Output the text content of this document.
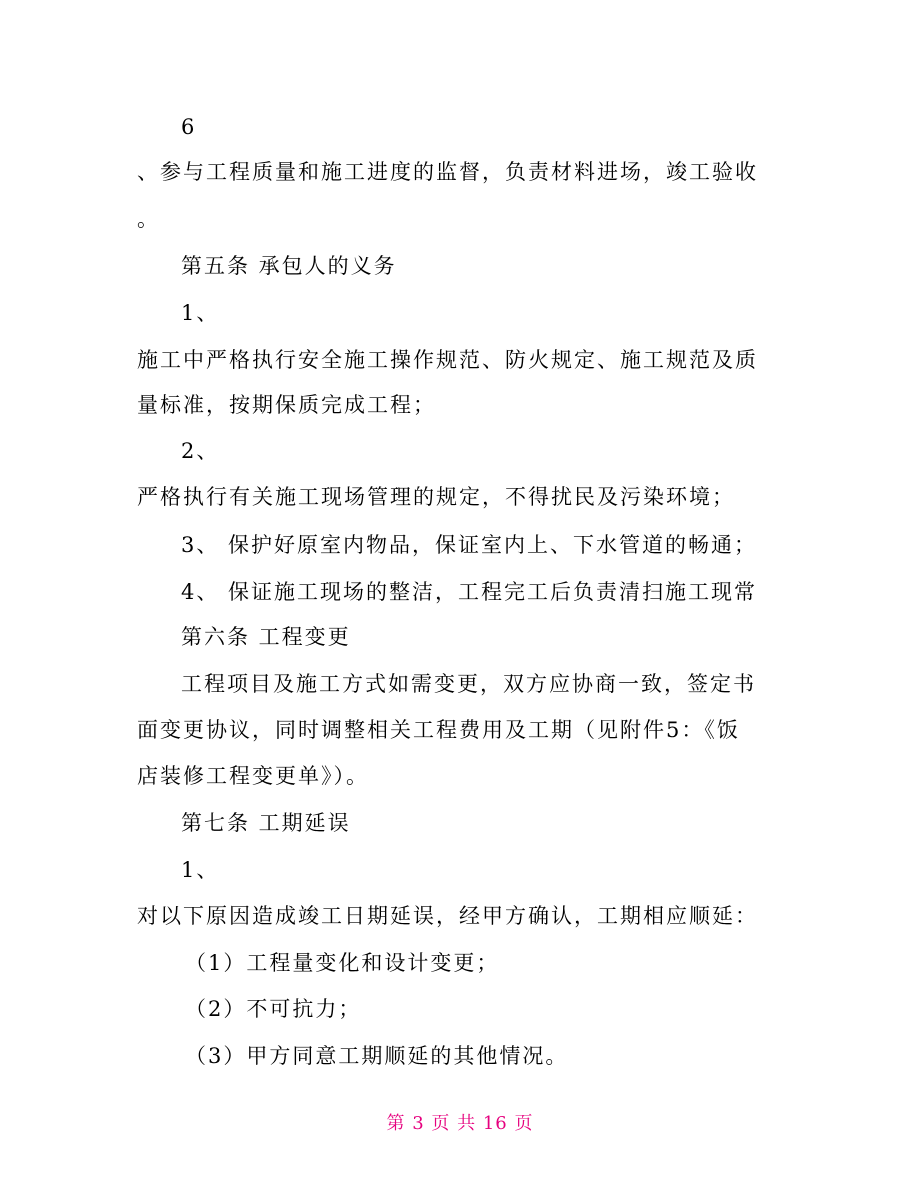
6
、参与工程质量和施工进度的监督，负责材料进场，竣工验收
。
第五条 承包人的义务
1、
施工中严格执行安全施工操作规范、防火规定、施工规范及质
量标准，按期保质完成工程；
2、
严格执行有关施工现场管理的规定，不得扰民及污染环境；
3、 保护好原室内物品，保证室内上、下水管道的畅通；
4、 保证施工现场的整洁，工程完工后负责清扫施工现常
第六条 工程变更
工程项目及施工方式如需变更，双方应协商一致，签定书
面变更协议，同时调整相关工程费用及工期（见附件5：《饭
店装修工程变更单》）。
第七条 工期延误
1、
对以下原因造成竣工日期延误，经甲方确认，工期相应顺延：
（1）工程量变化和设计变更；
（2）不可抗力；
（3）甲方同意工期顺延的其他情况。
第 3 页 共 16 页
